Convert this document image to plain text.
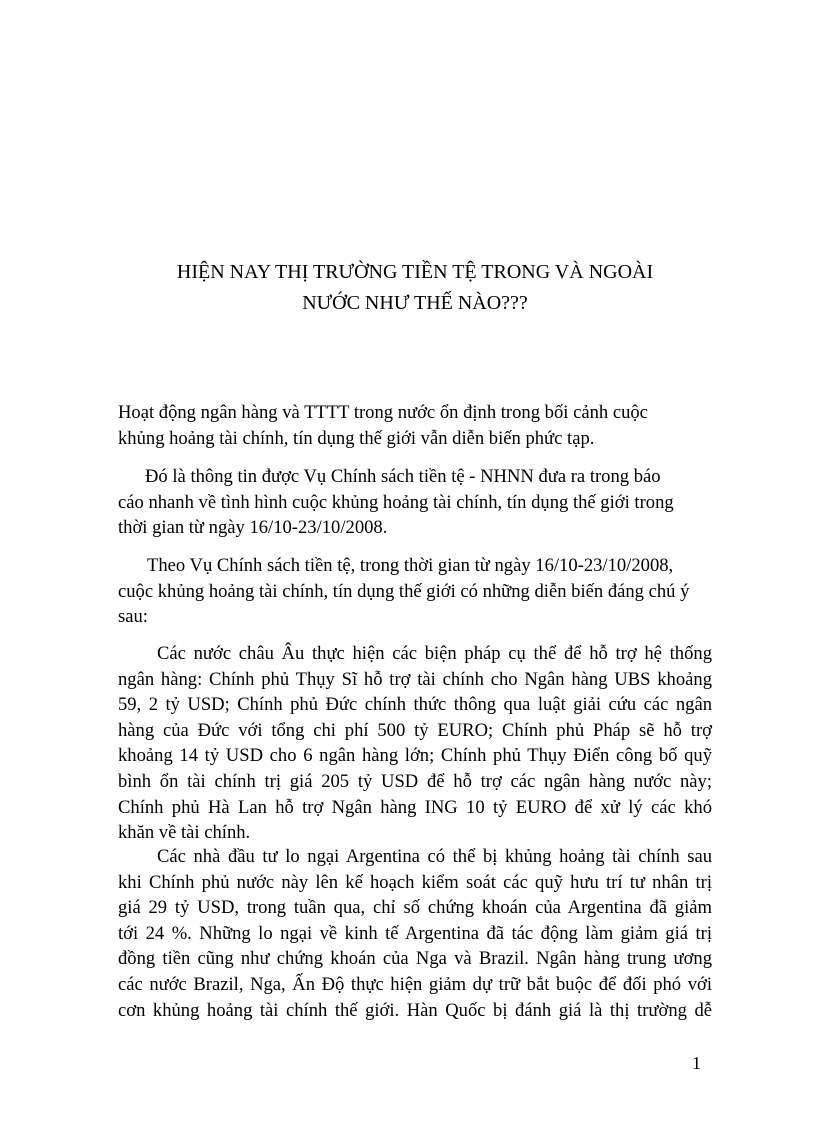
HIỆN NAY THỊ TRƯỜNG TIỀN TỆ TRONG VÀ NGOÀI
NƯỚC NHƯ THẾ NÀO???

Hoạt động ngân hàng và TTTT trong nước ổn định trong bối cảnh cuộc
khủng hoảng tài chính, tín dụng thế giới vẫn diễn biến phức tạp.

Đó là thông tin được Vụ Chính sách tiền tệ - NHNN đưa ra trong báo
cáo nhanh về tình hình cuộc khủng hoảng tài chính, tín dụng thế giới trong
thời gian từ ngày 16/10-23/10/2008.

Theo Vụ Chính sách tiền tệ, trong thời gian từ ngày 16/10-23/10/2008,
cuộc khủng hoảng tài chính, tín dụng thế giới có những diễn biến đáng chú ý
sau:

Các nước châu Âu thực hiện các biện pháp cụ thể để hỗ trợ hệ thống
ngân hàng: Chính phủ Thụy Sĩ hỗ trợ tài chính cho Ngân hàng UBS khoảng
59, 2 tỷ USD; Chính phủ Đức chính thức thông qua luật giải cứu các ngân
hàng của Đức với tổng chi phí 500 tỷ EURO; Chính phủ Pháp sẽ hỗ trợ
khoảng 14 tỷ USD cho 6 ngân hàng lớn; Chính phủ Thụy Điển công bố quỹ
bình ổn tài chính trị giá 205 tỷ USD để hỗ trợ các ngân hàng nước này;
Chính phủ Hà Lan hỗ trợ Ngân hàng ING 10 tỷ EURO để xử lý các khó
khăn về tài chính.

Các nhà đầu tư lo ngại Argentina có thể bị khủng hoảng tài chính sau
khi Chính phủ nước này lên kế hoạch kiểm soát các quỹ hưu trí tư nhân trị
giá 29 tỷ USD, trong tuần qua, chỉ số chứng khoán của Argentina đã giảm
tới 24 %. Những lo ngại về kinh tế Argentina đã tác động làm giảm giá trị
đồng tiền cũng như chứng khoán của Nga và Brazil. Ngân hàng trung ương
các nước Brazil, Nga, Ấn Độ thực hiện giảm dự trữ bắt buộc để đối phó với
cơn khủng hoảng tài chính thế giới. Hàn Quốc bị đánh giá là thị trường dễ

1
